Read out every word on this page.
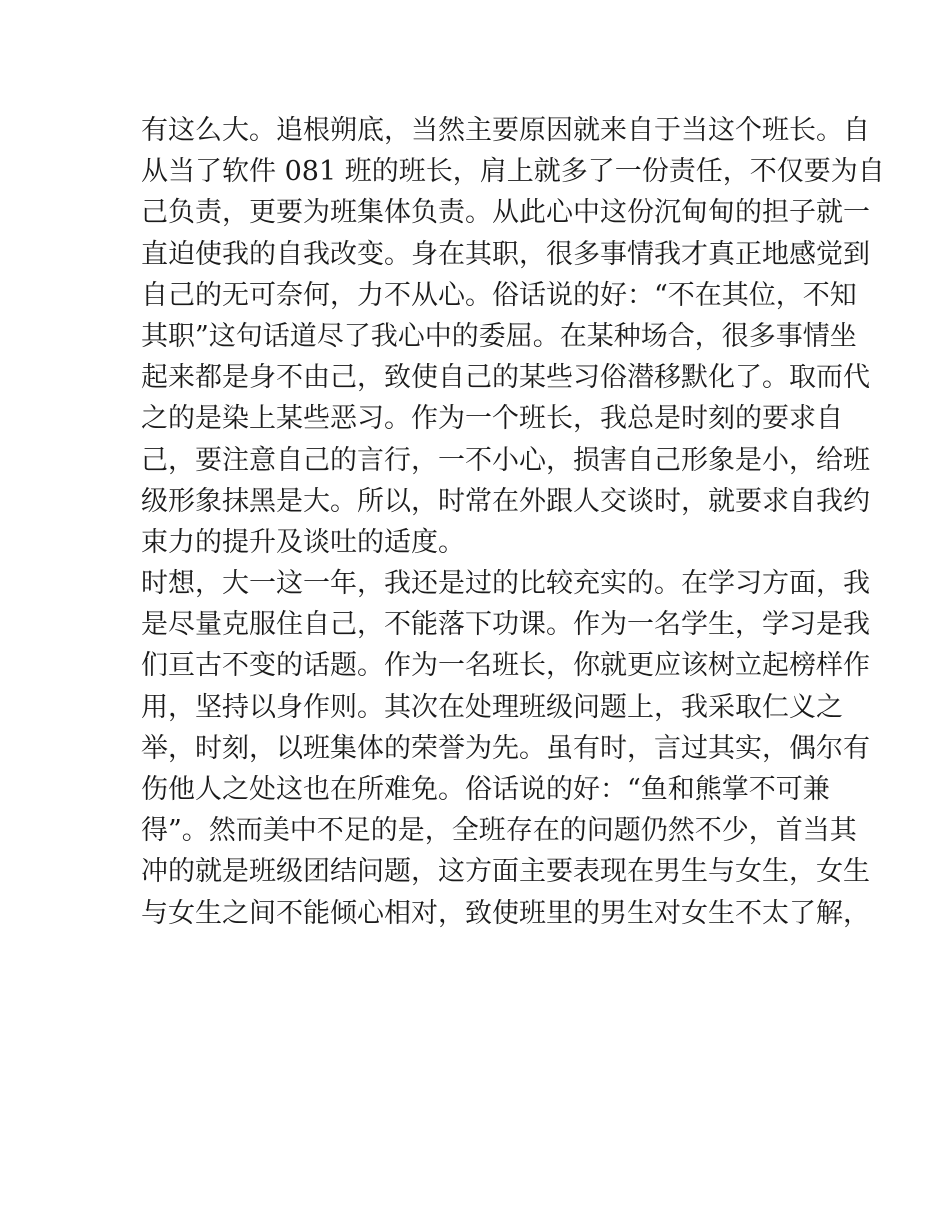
有这么大。追根朔底，当然主要原因就来自于当这个班长。自
从当了软件 081 班的班长，肩上就多了一份责任，不仅要为自
己负责，更要为班集体负责。从此心中这份沉甸甸的担子就一
直迫使我的自我改变。身在其职，很多事情我才真正地感觉到
自己的无可奈何，力不从心。俗话说的好：“不在其位，不知
其职”这句话道尽了我心中的委屈。在某种场合，很多事情坐
起来都是身不由己，致使自己的某些习俗潜移默化了。取而代
之的是染上某些恶习。作为一个班长，我总是时刻的要求自
己，要注意自己的言行，一不小心，损害自己形象是小，给班
级形象抹黑是大。所以，时常在外跟人交谈时，就要求自我约
束力的提升及谈吐的适度。
时想，大一这一年，我还是过的比较充实的。在学习方面，我
是尽量克服住自己，不能落下功课。作为一名学生，学习是我
们亘古不变的话题。作为一名班长，你就更应该树立起榜样作
用，坚持以身作则。其次在处理班级问题上，我采取仁义之
举，时刻，以班集体的荣誉为先。虽有时，言过其实，偶尔有
伤他人之处这也在所难免。俗话说的好：“鱼和熊掌不可兼
得”。然而美中不足的是，全班存在的问题仍然不少，首当其
冲的就是班级团结问题，这方面主要表现在男生与女生，女生
与女生之间不能倾心相对，致使班里的男生对女生不太了解，
